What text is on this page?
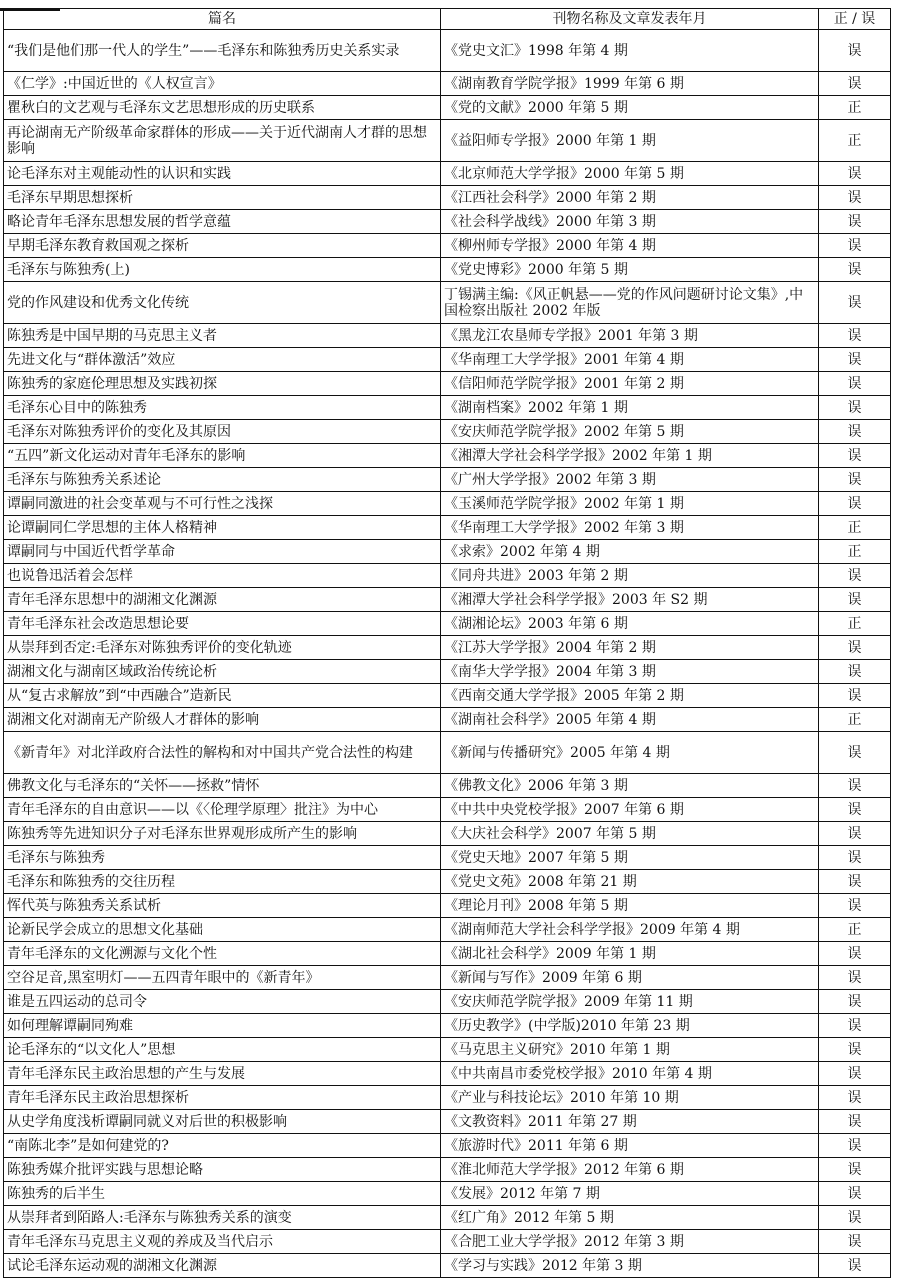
篇名	刊物名称及文章发表年月	正 / 误
“我们是他们那一代人的学生”——毛泽东和陈独秀历史关系实录	《党史文汇》1998 年第 4 期	误
《仁学》:中国近世的《人权宣言》	《湖南教育学院学报》1999 年第 6 期	误
瞿秋白的文艺观与毛泽东文艺思想形成的历史联系	《党的文献》2000 年第 5 期	正
再论湖南无产阶级革命家群体的形成——关于近代湖南人才群的思想影响	《益阳师专学报》2000 年第 1 期	正
论毛泽东对主观能动性的认识和实践	《北京师范大学学报》2000 年第 5 期	误
毛泽东早期思想探析	《江西社会科学》2000 年第 2 期	误
略论青年毛泽东思想发展的哲学意蕴	《社会科学战线》2000 年第 3 期	误
早期毛泽东教育救国观之探析	《柳州师专学报》2000 年第 4 期	误
毛泽东与陈独秀(上)	《党史博彩》2000 年第 5 期	误
党的作风建设和优秀文化传统	丁锡满主编:《风正帆悬——党的作风问题研讨论文集》,中国检察出版社 2002 年版	误
陈独秀是中国早期的马克思主义者	《黑龙江农垦师专学报》2001 年第 3 期	误
先进文化与“群体激活”效应	《华南理工大学学报》2001 年第 4 期	误
陈独秀的家庭伦理思想及实践初探	《信阳师范学院学报》2001 年第 2 期	误
毛泽东心目中的陈独秀	《湖南档案》2002 年第 1 期	误
毛泽东对陈独秀评价的变化及其原因	《安庆师范学院学报》2002 年第 5 期	误
“五四”新文化运动对青年毛泽东的影响	《湘潭大学社会科学学报》2002 年第 1 期	误
毛泽东与陈独秀关系述论	《广州大学学报》2002 年第 3 期	误
谭嗣同激进的社会变革观与不可行性之浅探	《玉溪师范学院学报》2002 年第 1 期	误
论谭嗣同仁学思想的主体人格精神	《华南理工大学学报》2002 年第 3 期	正
谭嗣同与中国近代哲学革命	《求索》2002 年第 4 期	正
也说鲁迅活着会怎样	《同舟共进》2003 年第 2 期	误
青年毛泽东思想中的湖湘文化渊源	《湘潭大学社会科学学报》2003 年 S2 期	误
青年毛泽东社会改造思想论要	《湖湘论坛》2003 年第 6 期	正
从崇拜到否定:毛泽东对陈独秀评价的变化轨迹	《江苏大学学报》2004 年第 2 期	误
湖湘文化与湖南区域政治传统论析	《南华大学学报》2004 年第 3 期	误
从“复古求解放”到“中西融合”造新民	《西南交通大学学报》2005 年第 2 期	误
湖湘文化对湖南无产阶级人才群体的影响	《湖南社会科学》2005 年第 4 期	正
《新青年》对北洋政府合法性的解构和对中国共产党合法性的构建	《新闻与传播研究》2005 年第 4 期	误
佛教文化与毛泽东的“关怀——拯救”情怀	《佛教文化》2006 年第 3 期	误
青年毛泽东的自由意识——以《〈伦理学原理〉批注》为中心	《中共中央党校学报》2007 年第 6 期	误
陈独秀等先进知识分子对毛泽东世界观形成所产生的影响	《大庆社会科学》2007 年第 5 期	误
毛泽东与陈独秀	《党史天地》2007 年第 5 期	误
毛泽东和陈独秀的交往历程	《党史文苑》2008 年第 21 期	误
恽代英与陈独秀关系试析	《理论月刊》2008 年第 5 期	误
论新民学会成立的思想文化基础	《湖南师范大学社会科学学报》2009 年第 4 期	正
青年毛泽东的文化溯源与文化个性	《湖北社会科学》2009 年第 1 期	误
空谷足音,黑室明灯——五四青年眼中的《新青年》	《新闻与写作》2009 年第 6 期	误
谁是五四运动的总司令	《安庆师范学院学报》2009 年第 11 期	误
如何理解谭嗣同殉难	《历史教学》(中学版)2010 年第 23 期	误
论毛泽东的“以文化人”思想	《马克思主义研究》2010 年第 1 期	误
青年毛泽东民主政治思想的产生与发展	《中共南昌市委党校学报》2010 年第 4 期	误
青年毛泽东民主政治思想探析	《产业与科技论坛》2010 年第 10 期	误
从史学角度浅析谭嗣同就义对后世的积极影响	《文教资料》2011 年第 27 期	误
“南陈北李”是如何建党的?	《旅游时代》2011 年第 6 期	误
陈独秀媒介批评实践与思想论略	《淮北师范大学学报》2012 年第 6 期	误
陈独秀的后半生	《发展》2012 年第 7 期	误
从崇拜者到陌路人:毛泽东与陈独秀关系的演变	《红广角》2012 年第 5 期	误
青年毛泽东马克思主义观的养成及当代启示	《合肥工业大学学报》2012 年第 3 期	误
试论毛泽东运动观的湖湘文化渊源	《学习与实践》2012 年第 3 期	误
